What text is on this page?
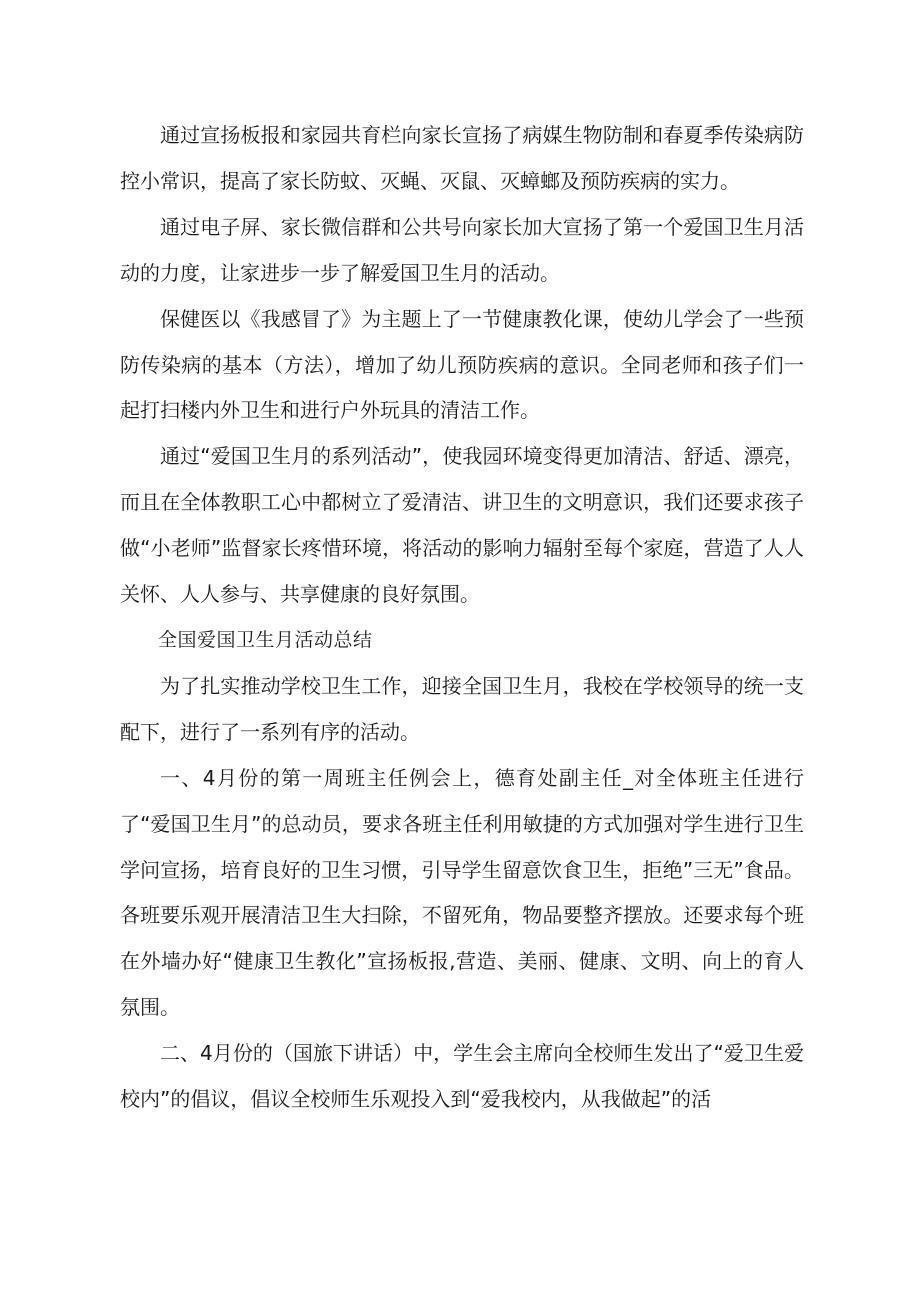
通过宣扬板报和家园共育栏向家长宣扬了病媒生物防制和春夏季传染病防控小常识，提高了家长防蚊、灭蝇、灭鼠、灭蟑螂及预防疾病的实力。

通过电子屏、家长微信群和公共号向家长加大宣扬了第一个爱国卫生月活动的力度，让家进步一步了解爱国卫生月的活动。

保健医以《我感冒了》为主题上了一节健康教化课，使幼儿学会了一些预防传染病的基本（方法），增加了幼儿预防疾病的意识。全同老师和孩子们一起打扫楼内外卫生和进行户外玩具的清洁工作。

通过“爱国卫生月的系列活动”，使我园环境变得更加清洁、舒适、漂亮，而且在全体教职工心中都树立了爱清洁、讲卫生的文明意识，我们还要求孩子做“小老师”监督家长疼惜环境，将活动的影响力辐射至每个家庭，营造了人人关怀、人人参与、共享健康的良好氛围。

全国爱国卫生月活动总结

为了扎实推动学校卫生工作，迎接全国卫生月，我校在学校领导的统一支配下，进行了一系列有序的活动。

一、4月份的第一周班主任例会上，德育处副主任_对全体班主任进行了“爱国卫生月”的总动员，要求各班主任利用敏捷的方式加强对学生进行卫生学问宣扬，培育良好的卫生习惯，引导学生留意饮食卫生，拒绝”三无”食品。各班要乐观开展清洁卫生大扫除，不留死角，物品要整齐摆放。还要求每个班在外墙办好“健康卫生教化”宣扬板报,营造、美丽、健康、文明、向上的育人氛围。

二、4月份的（国旅下讲话）中，学生会主席向全校师生发出了“爱卫生爱校内”的倡议，倡议全校师生乐观投入到“爱我校内，从我做起”的活
